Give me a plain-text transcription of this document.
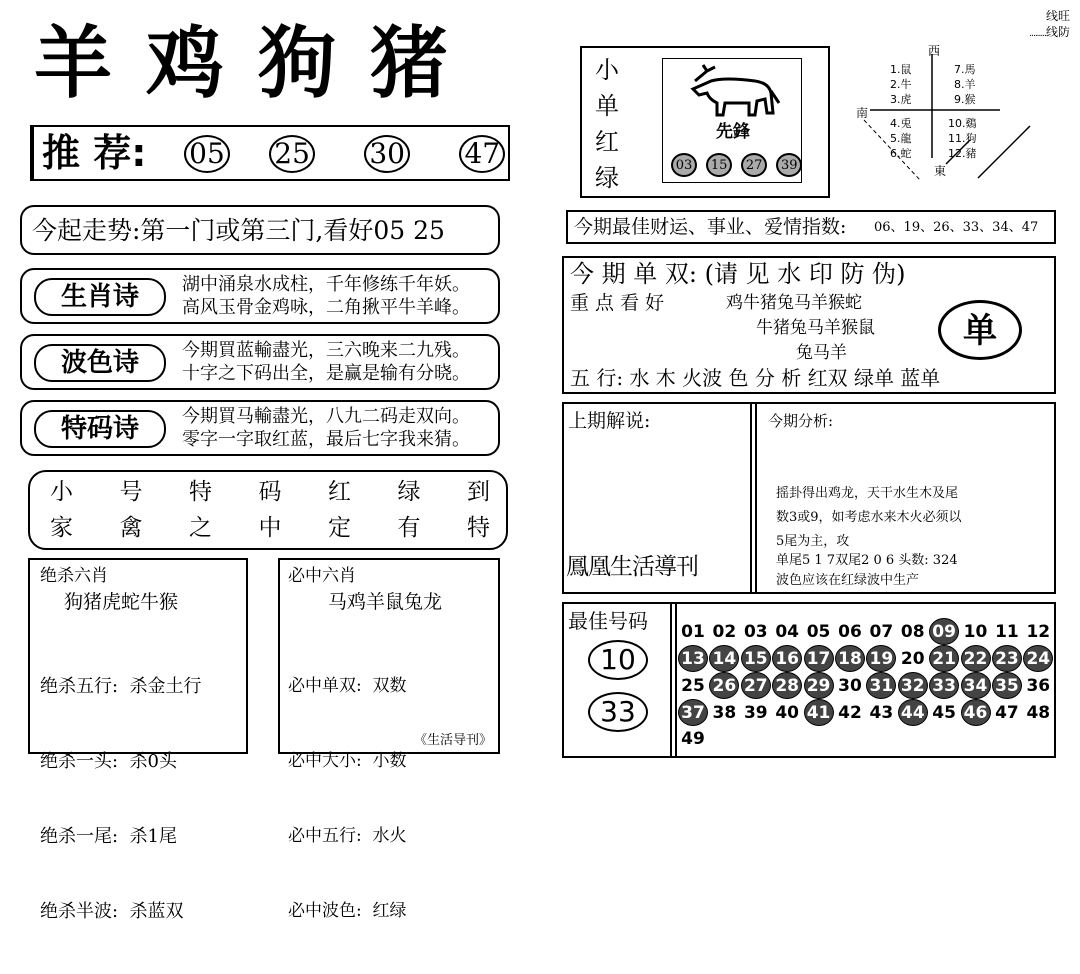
羊鸡狗猪
推 荐: 05 25 30 47
今起走势:第一门或第三门,看好05 25
生肖诗	湖中涌泉水成柱，千年修练千年妖。
高风玉骨金鸡咏，二角揪平牛羊峰。
波色诗	今期買蓝輸盡光，三六晚来二九残。
十字之下码出全，是赢是输有分晓。
特码诗	今期買马輸盡光，八九二码走双向。
零字一字取红蓝，最后七字我来猜。
小 号 特 码 红 绿 到
家 禽 之 中 定 有 特
绝杀六肖
狗猪虎蛇牛猴

绝杀五行:  杀金土行

绝杀一头:  杀0头

绝杀一尾:  杀1尾

绝杀半波:  杀蓝双

必中六肖
马鸡羊鼠兔龙

必中单双:  双数

必中大小:  小数

必中五行:  水火

必中波色:  红绿

《生活导刊》
小
单
红
绿
先鋒
03 15 27 39
线旺
.........线防
西
南
東
1.鼠
2.牛
3.虎
7.馬
8.羊
9.猴
4.兎
5.龍
6.蛇
10.鷄
11.狗
12.豬
今期最佳财运、事业、爱情指数: 06、19、26、33、34、47
今 期 单 双: (请 见 水 印 防 伪)
重 点 看 好	鸡牛猪兔马羊猴蛇
牛猪兔马羊猴鼠
兔马羊
单
五 行: 水 木 火波 色 分 析 红双 绿单 蓝单
上期解说:
鳳凰生活導刊
今期分析:
摇卦得出鸡龙，天干水生木及尾
数3或9，如考虑水来木火必须以
5尾为主，攻
单尾5 1 7双尾2 0 6 头数: 324
波色应该在红绿波中生产
最佳号码
10
33
01 02 03 04 05 06 07 08 09 10 11 12
13 14 15 16 17 18 19 20 21 22 23 24
25 26 27 28 29 30 31 32 33 34 35 36
37 38 39 40 41 42 43 44 45 46 47 48
49
